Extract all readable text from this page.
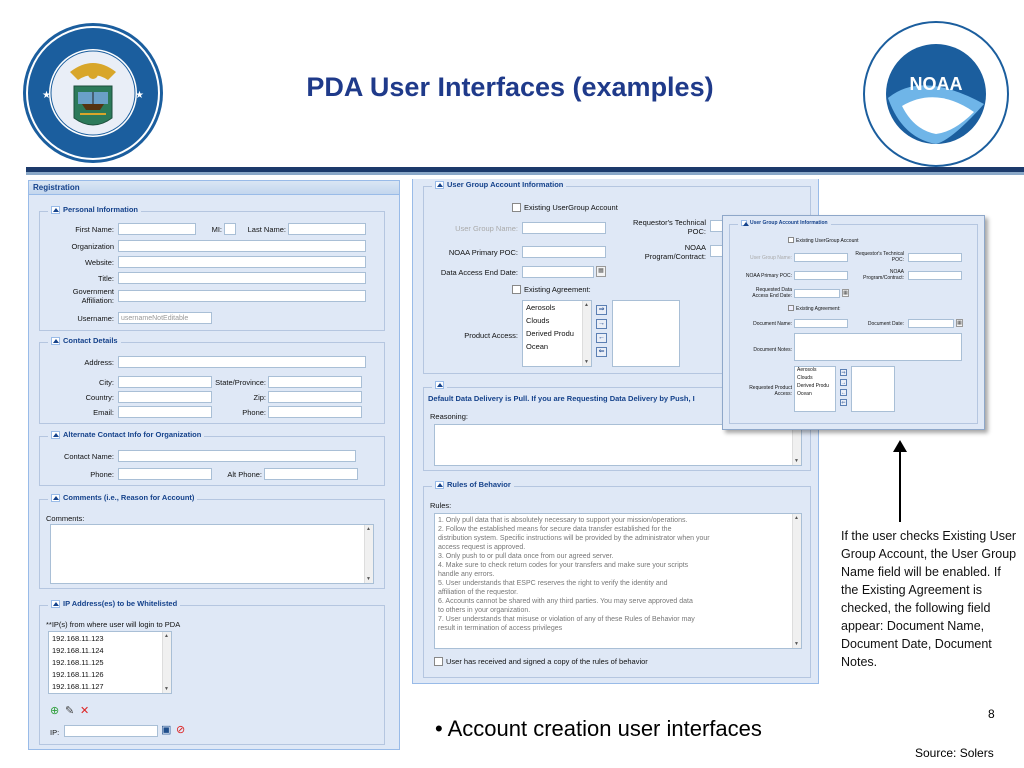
★	★	PDA User Interfaces (examples)	NOAA
Registration
Personal Information
First Name:	MI:	Last Name:
Organization
Website:
Title:
Government
Affiliation:
Username:	usernameNotEditable
Contact Details
Address:
City:	State/Province:
Country:	Zip:
Email:	Phone:
Alternate Contact Info for Organization
Contact Name:
Phone:	Alt Phone:
Comments (i.e., Reason for Account)
Comments:
▲ ▼
IP Address(es) to be Whitelisted
**IP(s) from where user will login to PDA
192.168.11.123
192.168.11.124
192.168.11.125
192.168.11.126
192.168.11.127
▲ ▼
⊕ ✎ ✕
IP:	▣ ⊘
User Group Account Information
Existing UserGroup Account
User Group Name:
Requestor's Technical
POC:
NOAA Primary POC:
NOAA
Program/Contract:
Data Access End Date:	▦
Existing Agreement:
Product Access:
Aerosols
Clouds
Derived Produ
Ocean
▲ ▼
⇒
→
←
⇐
Default Data Delivery is Pull. If you are Requesting Data Delivery by Push, I
Reasoning:
▲ ▼
Rules of Behavior
Rules:
1. Only pull data that is absolutely necessary to support your mission/operations.
2. Follow the established means for secure data transfer established for the
distribution system. Specific instructions will be provided by the administrator when your
access request is approved.
3. Only push to or pull data once from our agreed server.
4. Make sure to check return codes for your transfers and make sure your scripts
handle any errors.
5. User understands that ESPC reserves the right to verify the identity and
affiliation of the requestor.
6. Accounts cannot be shared with any third parties. You may serve approved data
to others in your organization.
7. User understands that misuse or violation of any of these Rules of Behavior may
result in termination of access privileges
▲ ▼
User has received and signed a copy of the rules of behavior
User Group Account Information
Existing UserGroup Account
User Group Name:
Requestor's Technical
POC:
NOAA Primary POC:
NOAA
Program/Contract:
Requested Data
Access End Date:	▦
Existing Agreement:
Document Name:	Document Date:	▦
Document Notes:
Requested Product
Access:
Aerosols
Clouds
Derived Produ
Ocean
⇒
→
←
⇐
If the user checks Existing User Group Account, the User Group Name field will be enabled. If the Existing Agreement is checked, the following field appear: Document Name, Document Date, Document Notes.
• Account creation user interfaces
8
Source: Solers
